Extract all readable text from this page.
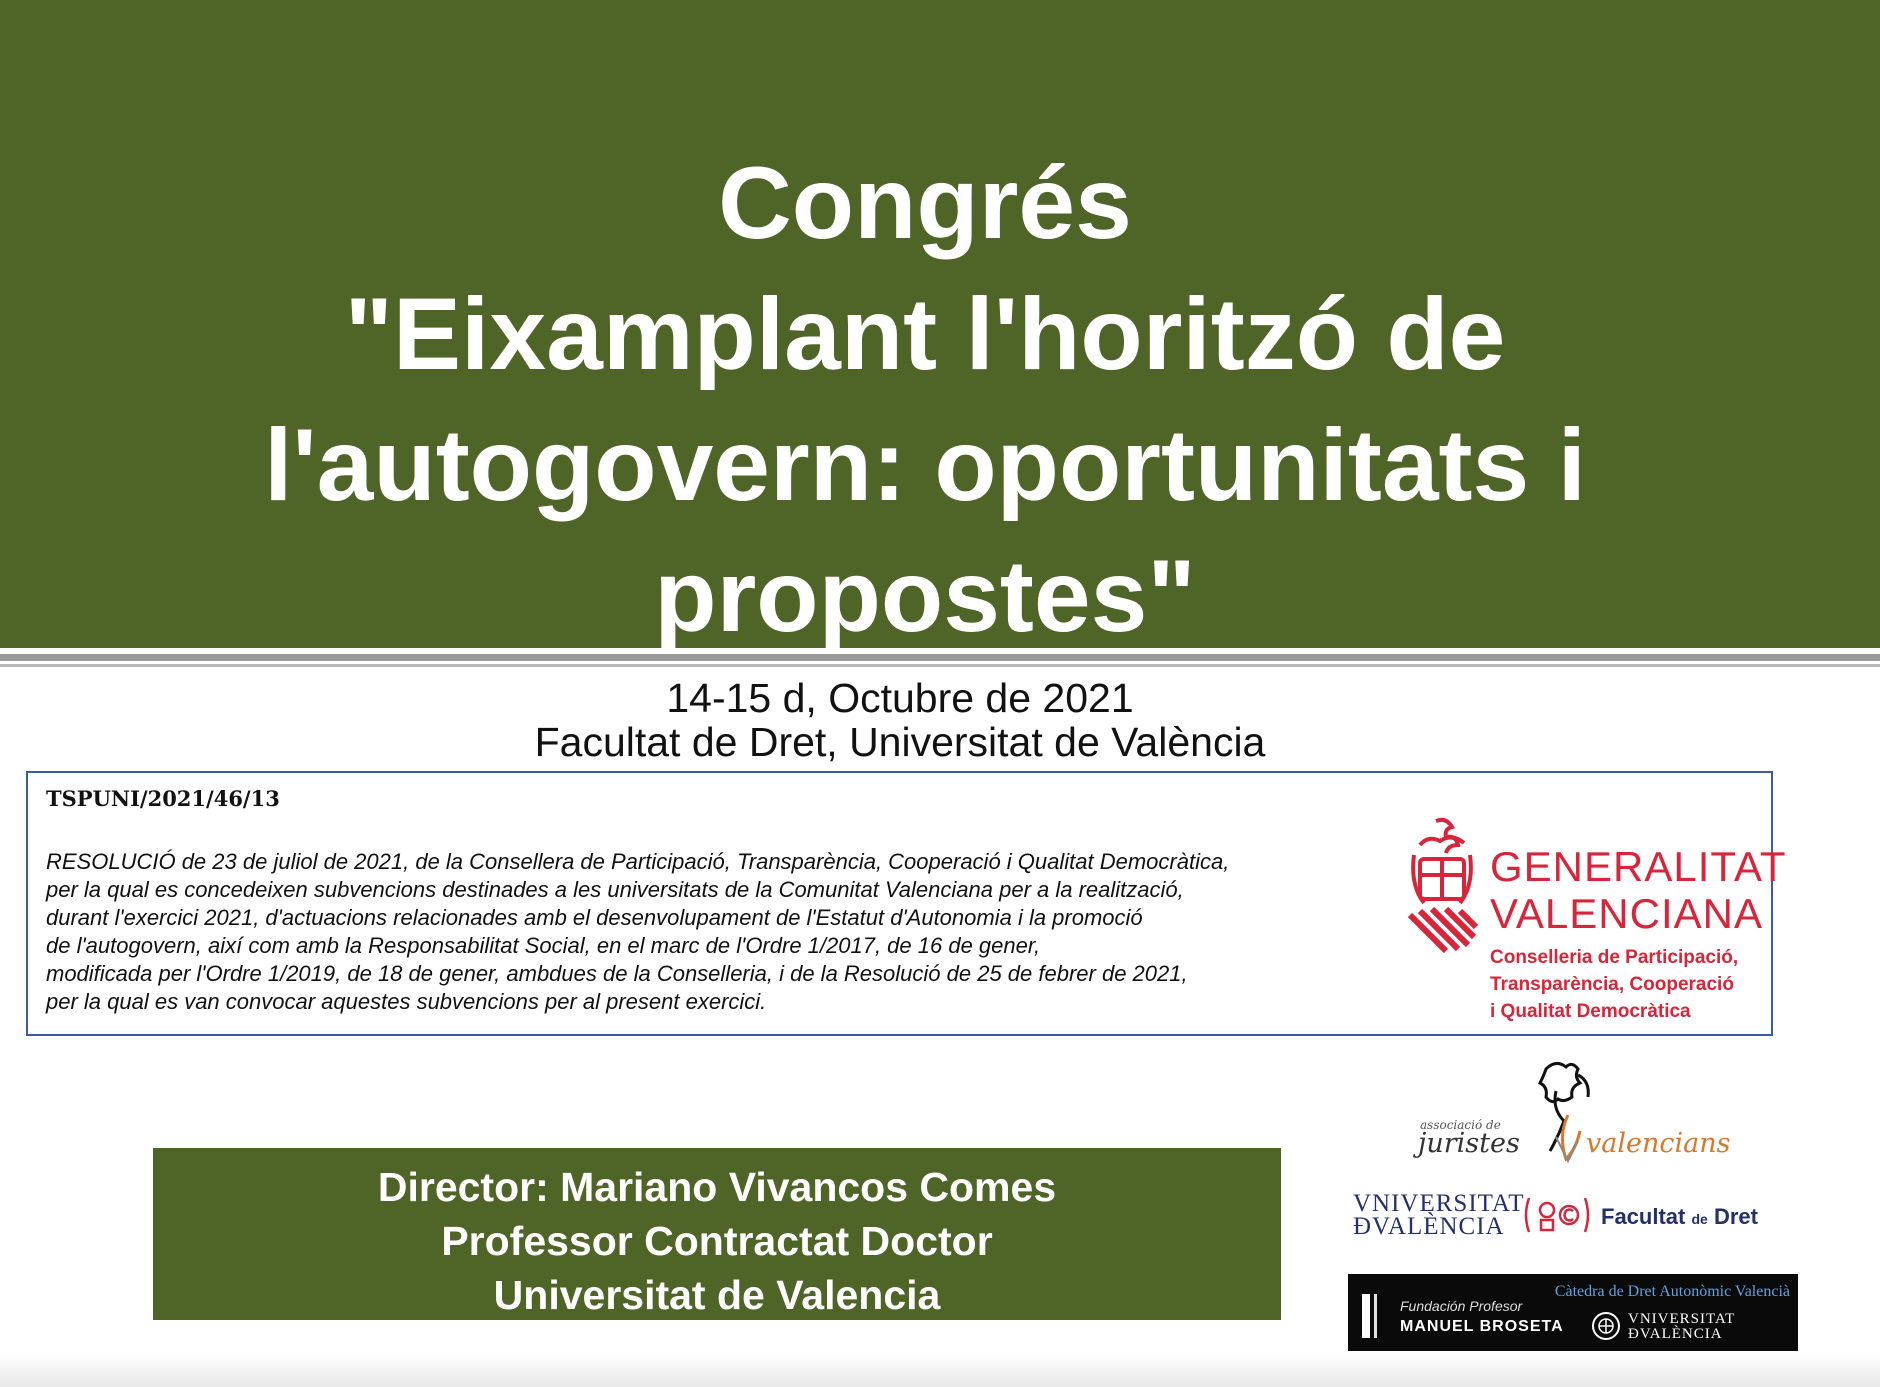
Congrés
"Eixamplant l'horitzó de
l'autogovern: oportunitats i
propostes"
14-15 d, Octubre de 2021
Facultat de Dret, Universitat de València
TSPUNI/2021/46/13
RESOLUCIÓ de 23 de juliol de 2021, de la Consellera de Participació, Transparència, Cooperació i Qualitat Democràtica,
per la qual es concedeixen subvencions destinades a les universitats de la Comunitat Valenciana per a la realització,
durant l'exercici 2021, d'actuacions relacionades amb el desenvolupament de l'Estatut d'Autonomia i la promoció
de l'autogovern, així com amb la Responsabilitat Social, en el marc de l'Ordre 1/2017, de 16 de gener,
modificada per l'Ordre 1/2019, de 18 de gener, ambdues de la Conselleria, i de la Resolució de 25 de febrer de 2021,
per la qual es van convocar aquestes subvencions per al present exercici.
GENERALITAT
VALENCIANA
Conselleria de Participació,
Transparència, Cooperació
i Qualitat Democràtica
Director: Mariano Vivancos Comes
Professor Contractat Doctor
Universitat de Valencia
associació de
juristes valencians
VNIVERSITAT
ĐVALÈNCIA	Facultat de Dret
Fundación Profesor
MANUEL BROSETA
Càtedra de Dret Autonòmic Valencià
VNIVERSITAT
ĐVALÈNCIA
